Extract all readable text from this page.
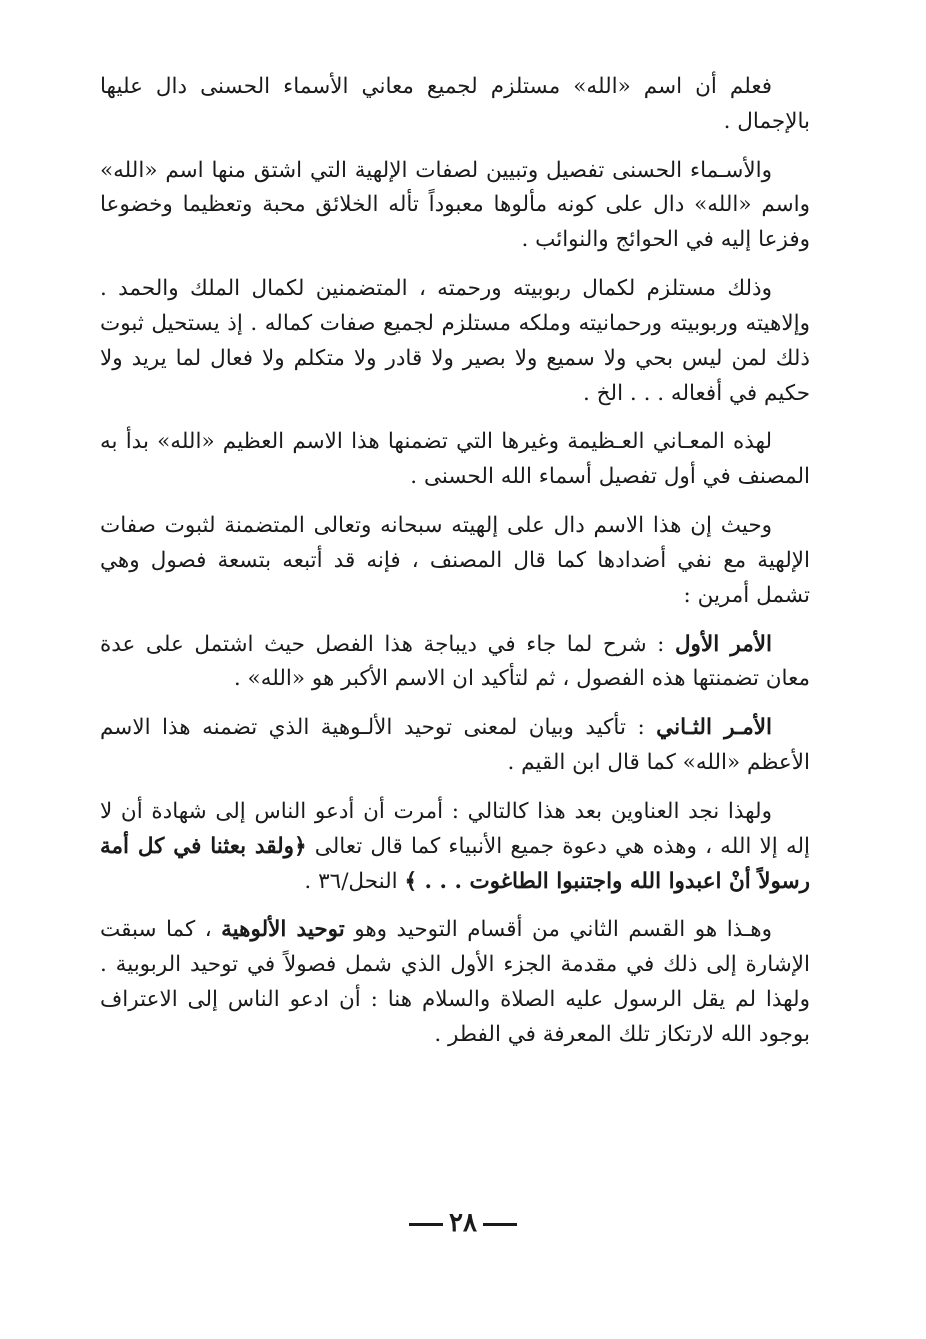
فعلم أن اسم «الله» مستلزم لجميع معاني الأسماء الحسنى دال عليها بالإجمال .

والأسـماء الحسنى تفصيل وتبيين لصفات الإلهية التي اشتق منها اسم «الله» واسم «الله» دال على كونه مألوها معبوداً تأله الخلائق محبة وتعظيما وخضوعا وفزعا إليه في الحوائج والنوائب .

وذلك مستلزم لكمال ربوبيته ورحمته ، المتضمنين لكمال الملك والحمد . وإلاهيته وربوبيته ورحمانيته وملكه مستلزم لجميع صفات كماله . إذ يستحيل ثبوت ذلك لمن ليس بحي ولا سميع ولا بصير ولا قادر ولا متكلم ولا فعال لما يريد ولا حكيم في أفعاله . . . الخ .

لهذه المعـاني العـظيمة وغيرها التي تضمنها هذا الاسم العظيم «الله» بدأ به المصنف في أول تفصيل أسماء الله الحسنى .

وحيث إن هذا الاسم دال على إلهيته سبحانه وتعالى المتضمنة لثبوت صفات الإلهية مع نفي أضدادها كما قال المصنف ، فإنه قد أتبعه بتسعة فصول وهي تشمل أمرين :

الأمر الأول : شرح لما جاء في ديباجة هذا الفصل حيث اشتمل على عدة معان تضمنتها هذه الفصول ، ثم لتأكيد ان الاسم الأكبر هو «الله» .

الأمـر الثـاني : تأكيد وبيان لمعنى توحيد الألـوهية الذي تضمنه هذا الاسم الأعظم «الله» كما قال ابن القيم .

ولهذا نجد العناوين بعد هذا كالتالي : أمرت أن أدعو الناس إلى شهادة أن لا إله إلا الله ، وهذه هي دعوة جميع الأنبياء كما قال تعالى ﴿ولقد بعثنا في كل أمة رسولاً أنْ اعبدوا الله واجتنبوا الطاغوت . . . ﴾ النحل/٣٦ .

وهـذا هو القسم الثاني من أقسام التوحيد وهو توحيد الألوهية ، كما سبقت الإشارة إلى ذلك في مقدمة الجزء الأول الذي شمل فصولاً في توحيد الربوبية . ولهذا لم يقل الرسول عليه الصلاة والسلام هنا : أن ادعو الناس إلى الاعتراف بوجود الله لارتكاز تلك المعرفة في الفطر .

٢٨
